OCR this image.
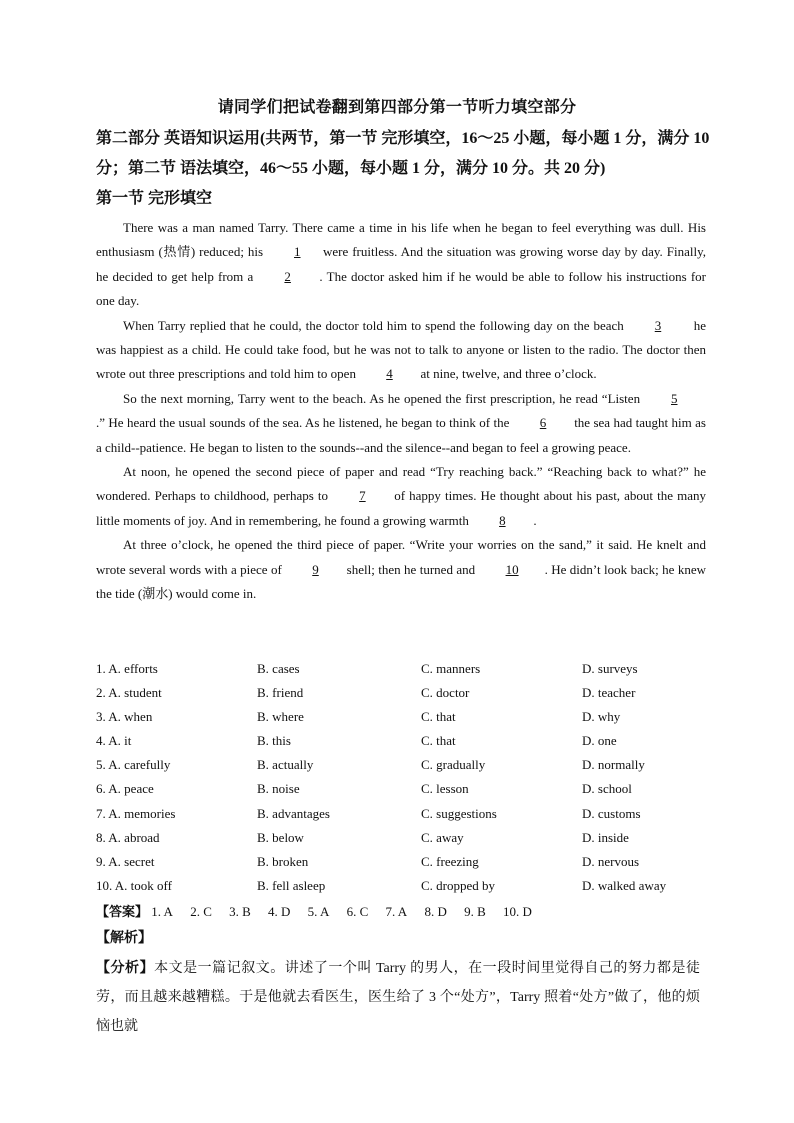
请同学们把试卷翻到第四部分第一节听力填空部分
第二部分 英语知识运用(共两节，第一节 完形填空，16～25 小题，每小题 1 分，满分 10
分；第二节 语法填空，46～55 小题，每小题 1 分，满分 10 分。共 20 分)
第一节 完形填空

There was a man named Tarry. There came a time in his life when he began to feel everything was dull. His enthusiasm (热情) reduced; his 1 were fruitless. And the situation was growing worse day by day. Finally, he decided to get help from a 2 . The doctor asked him if he would be able to follow his instructions for one day.

When Tarry replied that he could, the doctor told him to spend the following day on the beach 3 he was happiest as a child. He could take food, but he was not to talk to anyone or listen to the radio. The doctor then wrote out three prescriptions and told him to open 4 at nine, twelve, and three o’clock.

So the next morning, Tarry went to the beach. As he opened the first prescription, he read “Listen 5 .” He heard the usual sounds of the sea. As he listened, he began to think of the 6 the sea had taught him as a child--patience. He began to listen to the sounds--and the silence--and began to feel a growing peace.

At noon, he opened the second piece of paper and read “Try reaching back.” “Reaching back to what?” he wondered. Perhaps to childhood, perhaps to 7 of happy times. He thought about his past, about the many little moments of joy. And in remembering, he found a growing warmth 8 .

At three o’clock, he opened the third piece of paper. “Write your worries on the sand,” it said. He knelt and wrote several words with a piece of 9 shell; then he turned and 10 . He didn’t look back; he knew the tide (潮水) would come in.

1. A. efforts	B. cases	C. manners	D. surveys
2. A. student	B. friend	C. doctor	D. teacher
3. A. when	B. where	C. that	D. why
4. A. it	B. this	C. that	D. one
5. A. carefully	B. actually	C. gradually	D. normally
6. A. peace	B. noise	C. lesson	D. school
7. A. memories	B. advantages	C. suggestions	D. customs
8. A. abroad	B. below	C. away	D. inside
9. A. secret	B. broken	C. freezing	D. nervous
10. A. took off	B. fell asleep	C. dropped by	D. walked away
【答案】 1. A 2. C 3. B 4. D 5. A 6. C 7. A 8. D 9. B 10. D
【解析】
【分析】本文是一篇记叙文。讲述了一个叫 Tarry 的男人，在一段时间里觉得自己的努力都是徒劳，而且越来越糟糕。于是他就去看医生，医生给了 3 个“处方”，Tarry 照着“处方”做了，他的烦恼也就
